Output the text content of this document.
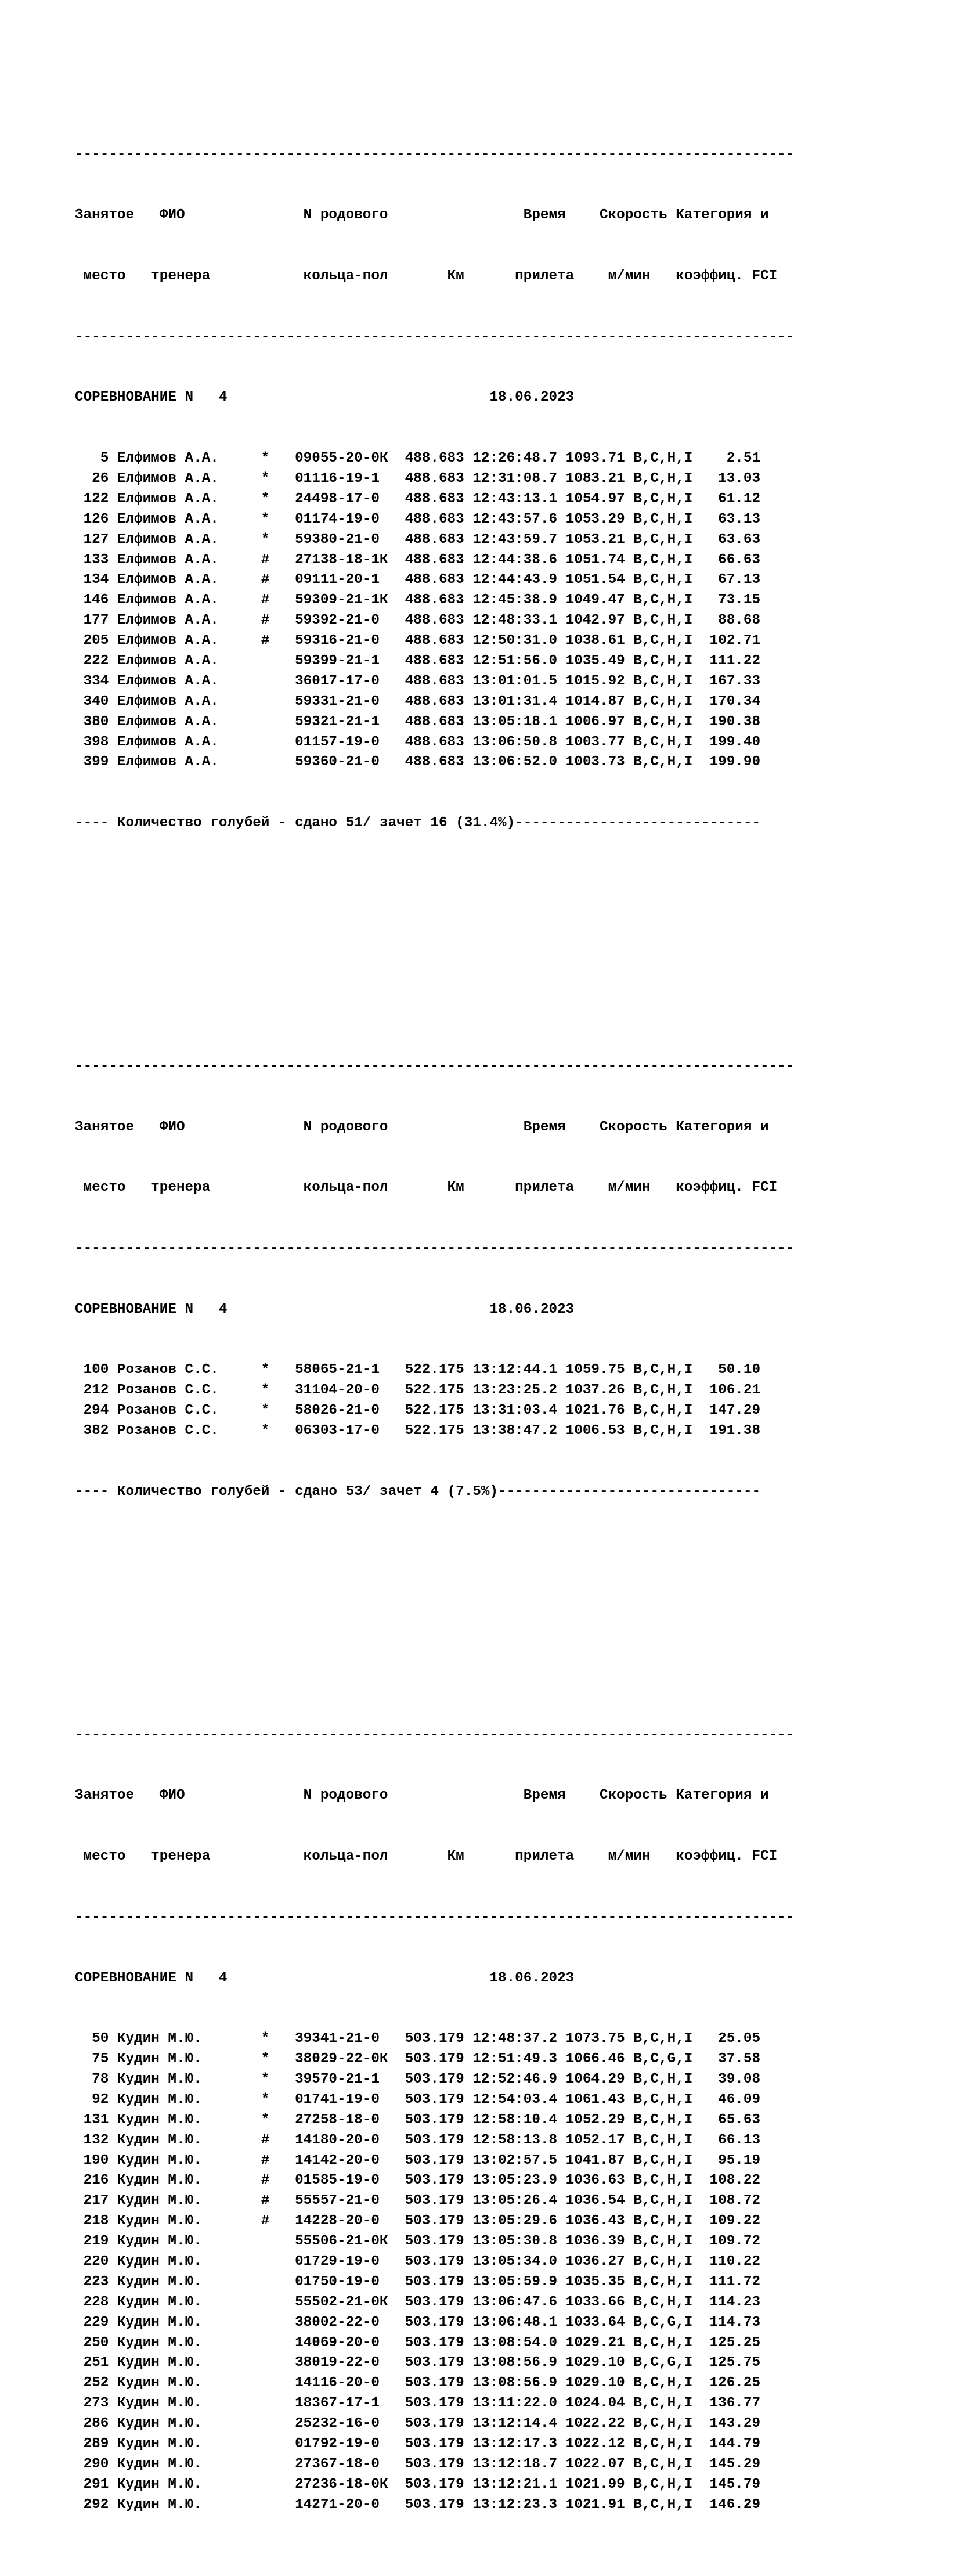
-------------------------------------------------------------------------------------

Занятое   ФИО              N родового                Время    Скорость Категория и

место   тренера           кольца-пол       Км      прилета    м/мин   коэффиц. FCI

-------------------------------------------------------------------------------------

СОРЕВНОВАНИЕ N   4                               18.06.2023

5 Елфимов А.А.     *   09055-20-0К  488.683 12:26:48.7 1093.71 B,C,H,I    2.51
26 Елфимов А.А.     *   01116-19-1   488.683 12:31:08.7 1083.21 B,C,H,I   13.03
122 Елфимов А.А.     *   24498-17-0   488.683 12:43:13.1 1054.97 B,C,H,I   61.12
126 Елфимов А.А.     *   01174-19-0   488.683 12:43:57.6 1053.29 B,C,H,I   63.13
127 Елфимов А.А.     *   59380-21-0   488.683 12:43:59.7 1053.21 B,C,H,I   63.63
133 Елфимов А.А.     #   27138-18-1К  488.683 12:44:38.6 1051.74 B,C,H,I   66.63
134 Елфимов А.А.     #   09111-20-1   488.683 12:44:43.9 1051.54 B,C,H,I   67.13
146 Елфимов А.А.     #   59309-21-1К  488.683 12:45:38.9 1049.47 B,C,H,I   73.15
177 Елфимов А.А.     #   59392-21-0   488.683 12:48:33.1 1042.97 B,C,H,I   88.68
205 Елфимов А.А.     #   59316-21-0   488.683 12:50:31.0 1038.61 B,C,H,I  102.71
222 Елфимов А.А.         59399-21-1   488.683 12:51:56.0 1035.49 B,C,H,I  111.22
334 Елфимов А.А.         36017-17-0   488.683 13:01:01.5 1015.92 B,C,H,I  167.33
340 Елфимов А.А.         59331-21-0   488.683 13:01:31.4 1014.87 B,C,H,I  170.34
380 Елфимов А.А.         59321-21-1   488.683 13:05:18.1 1006.97 B,C,H,I  190.38
398 Елфимов А.А.         01157-19-0   488.683 13:06:50.8 1003.77 B,C,H,I  199.40
399 Елфимов А.А.         59360-21-0   488.683 13:06:52.0 1003.73 B,C,H,I  199.90

---- Количество голубей - сдано 51/ зачет 16 (31.4%)-----------------------------

-------------------------------------------------------------------------------------

Занятое   ФИО              N родового                Время    Скорость Категория и

место   тренера           кольца-пол       Км      прилета    м/мин   коэффиц. FCI

-------------------------------------------------------------------------------------

СОРЕВНОВАНИЕ N   4                               18.06.2023

100 Розанов С.С.     *   58065-21-1   522.175 13:12:44.1 1059.75 B,C,H,I   50.10
212 Розанов С.С.     *   31104-20-0   522.175 13:23:25.2 1037.26 B,C,H,I  106.21
294 Розанов С.С.     *   58026-21-0   522.175 13:31:03.4 1021.76 B,C,H,I  147.29
382 Розанов С.С.     *   06303-17-0   522.175 13:38:47.2 1006.53 B,C,H,I  191.38

---- Количество голубей - сдано 53/ зачет 4 (7.5%)-------------------------------

-------------------------------------------------------------------------------------

Занятое   ФИО              N родового                Время    Скорость Категория и

место   тренера           кольца-пол       Км      прилета    м/мин   коэффиц. FCI

-------------------------------------------------------------------------------------

СОРЕВНОВАНИЕ N   4                               18.06.2023

50 Кудин М.Ю.       *   39341-21-0   503.179 12:48:37.2 1073.75 B,C,H,I   25.05
75 Кудин М.Ю.       *   38029-22-0К  503.179 12:51:49.3 1066.46 B,C,G,I   37.58
78 Кудин М.Ю.       *   39570-21-1   503.179 12:52:46.9 1064.29 B,C,H,I   39.08
92 Кудин М.Ю.       *   01741-19-0   503.179 12:54:03.4 1061.43 B,C,H,I   46.09
131 Кудин М.Ю.       *   27258-18-0   503.179 12:58:10.4 1052.29 B,C,H,I   65.63
132 Кудин М.Ю.       #   14180-20-0   503.179 12:58:13.8 1052.17 B,C,H,I   66.13
190 Кудин М.Ю.       #   14142-20-0   503.179 13:02:57.5 1041.87 B,C,H,I   95.19
216 Кудин М.Ю.       #   01585-19-0   503.179 13:05:23.9 1036.63 B,C,H,I  108.22
217 Кудин М.Ю.       #   55557-21-0   503.179 13:05:26.4 1036.54 B,C,H,I  108.72
218 Кудин М.Ю.       #   14228-20-0   503.179 13:05:29.6 1036.43 B,C,H,I  109.22
219 Кудин М.Ю.           55506-21-0К  503.179 13:05:30.8 1036.39 B,C,H,I  109.72
220 Кудин М.Ю.           01729-19-0   503.179 13:05:34.0 1036.27 B,C,H,I  110.22
223 Кудин М.Ю.           01750-19-0   503.179 13:05:59.9 1035.35 B,C,H,I  111.72
228 Кудин М.Ю.           55502-21-0К  503.179 13:06:47.6 1033.66 B,C,H,I  114.23
229 Кудин М.Ю.           38002-22-0   503.179 13:06:48.1 1033.64 B,C,G,I  114.73
250 Кудин М.Ю.           14069-20-0   503.179 13:08:54.0 1029.21 B,C,H,I  125.25
251 Кудин М.Ю.           38019-22-0   503.179 13:08:56.9 1029.10 B,C,G,I  125.75
252 Кудин М.Ю.           14116-20-0   503.179 13:08:56.9 1029.10 B,C,H,I  126.25
273 Кудин М.Ю.           18367-17-1   503.179 13:11:22.0 1024.04 B,C,H,I  136.77
286 Кудин М.Ю.           25232-16-0   503.179 13:12:14.4 1022.22 B,C,H,I  143.29
289 Кудин М.Ю.           01792-19-0   503.179 13:12:17.3 1022.12 B,C,H,I  144.79
290 Кудин М.Ю.           27367-18-0   503.179 13:12:18.7 1022.07 B,C,H,I  145.29
291 Кудин М.Ю.           27236-18-0К  503.179 13:12:21.1 1021.99 B,C,H,I  145.79
292 Кудин М.Ю.           14271-20-0   503.179 13:12:23.3 1021.91 B,C,H,I  146.29
